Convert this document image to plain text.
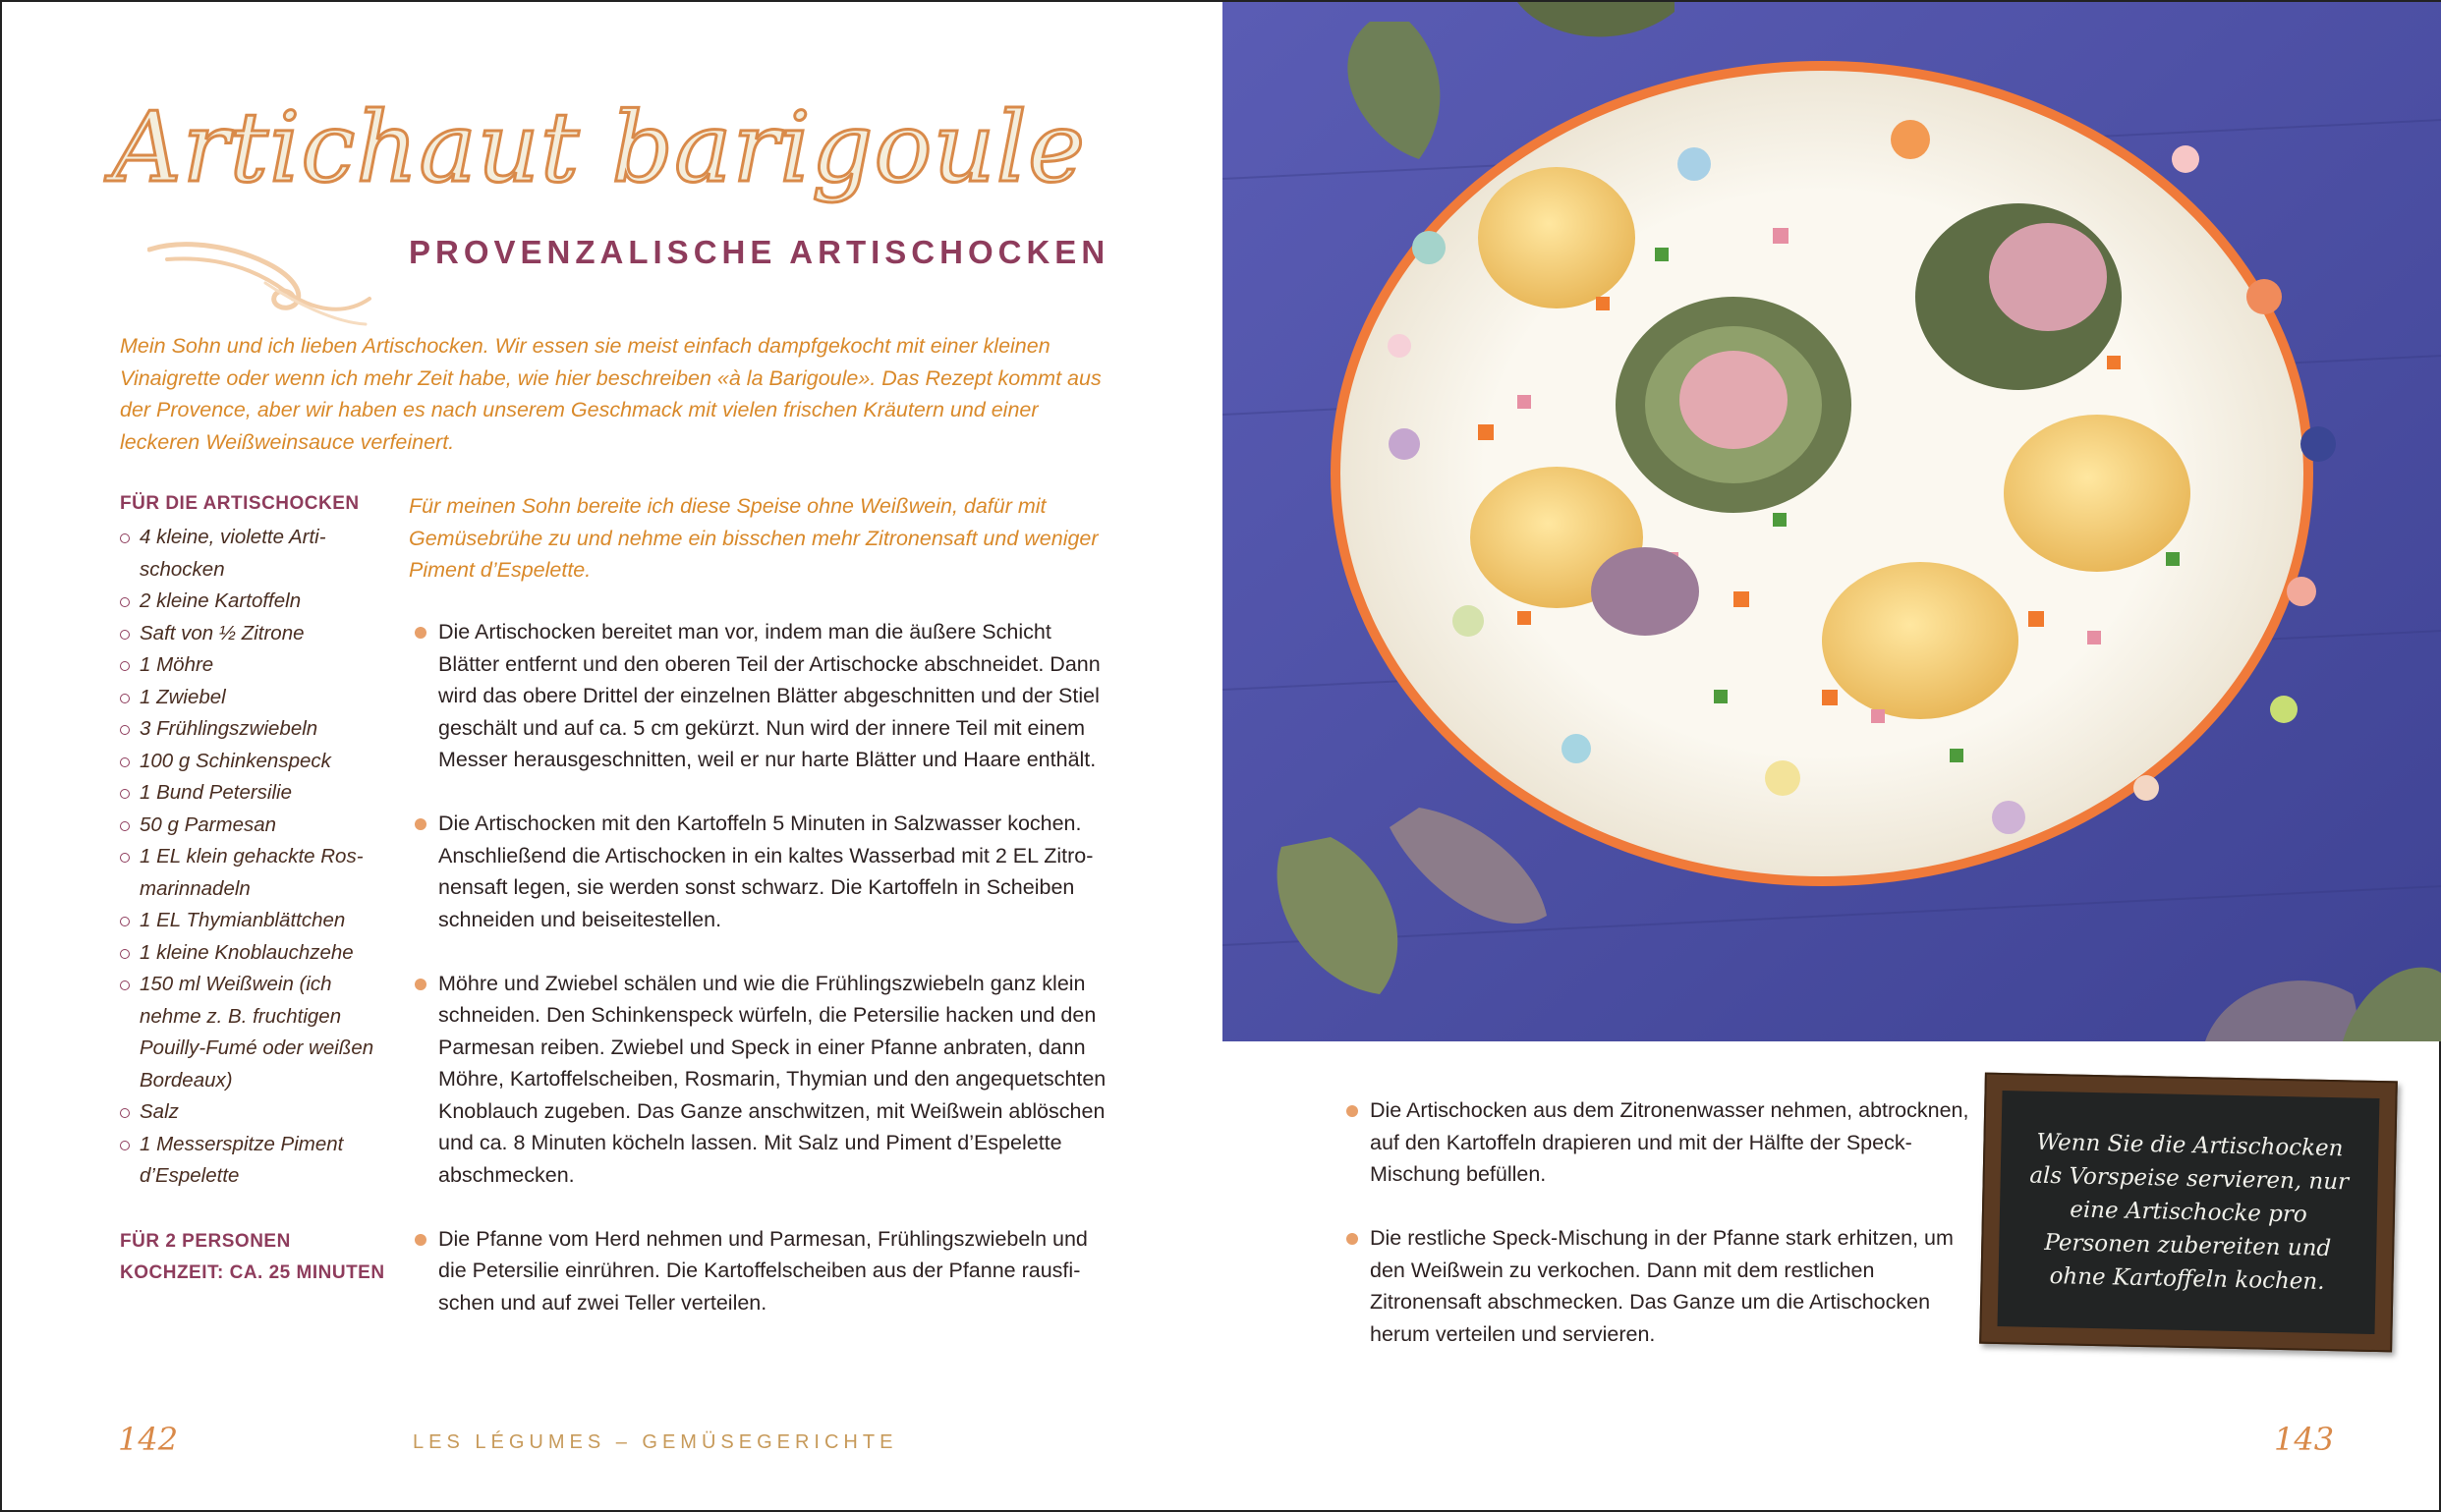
Artichaut barigoule
PROVENZALISCHE ARTISCHOCKEN
Mein Sohn und ich lieben Artischocken. Wir essen sie meist einfach dampfgekocht mit einer kleinen Vinaigrette oder wenn ich mehr Zeit habe, wie hier beschreiben «à la Barigoule». Das Rezept kommt aus der Provence, aber wir haben es nach unserem Geschmack mit vielen frischen Kräutern und einer leckeren Weißweinsauce verfeinert.
FÜR DIE ARTISCHOCKEN
4 kleine, violette Artischocken
2 kleine Kartoffeln
Saft von ½ Zitrone
1 Möhre
1 Zwiebel
3 Frühlingszwiebeln
100 g Schinkenspeck
1 Bund Petersilie
50 g Parmesan
1 EL klein gehackte Rosmarinnadeln
1 EL Thymianblättchen
1 kleine Knoblauchzehe
150 ml Weißwein (ich nehme z. B. fruchtigen Pouilly-Fumé oder weißen Bordeaux)
Salz
1 Messerspitze Piment d’Espelette
FÜR 2 PERSONEN
KOCHZEIT: CA. 25 MINUTEN
Für meinen Sohn bereite ich diese Speise ohne Weißwein, dafür mit Gemüsebrühe zu und nehme ein bisschen mehr Zitronensaft und weniger Piment d’Espelette.
Die Artischocken bereitet man vor, indem man die äußere Schicht Blätter entfernt und den oberen Teil der Artischocke abschneidet. Dann wird das obere Drittel der einzelnen Blätter abgeschnitten und der Stiel geschält und auf ca. 5 cm gekürzt. Nun wird der innere Teil mit einem Messer herausgeschnitten, weil er nur harte Blätter und Haare enthält.
Die Artischocken mit den Kartoffeln 5 Minuten in Salzwasser kochen. Anschließend die Artischocken in ein kaltes Wasserbad mit 2 EL Zitronensaft legen, sie werden sonst schwarz. Die Kartoffeln in Scheiben schneiden und beiseitestellen.
Möhre und Zwiebel schälen und wie die Frühlingszwiebeln ganz klein schneiden. Den Schinkenspeck würfeln, die Petersilie hacken und den Parmesan reiben. Zwiebel und Speck in einer Pfanne anbraten, dann Möhre, Kartoffelscheiben, Rosmarin, Thymian und den angequetschten Knoblauch zugeben. Das Ganze anschwitzen, mit Weißwein ablöschen und ca. 8 Minuten köcheln lassen. Mit Salz und Piment d’Espelette abschmecken.
Die Pfanne vom Herd nehmen und Parmesan, Frühlingszwiebeln und die Petersilie einrühren. Die Kartoffelscheiben aus der Pfanne rausfischen und auf zwei Teller verteilen.
142	LES LÉGUMES – GEMÜSEGERICHTE
Die Artischocken aus dem Zitronenwasser nehmen, abtrocknen, auf den Kartoffeln drapieren und mit der Hälfte der Speck-Mischung befüllen.
Die restliche Speck-Mischung in der Pfanne stark erhitzen, um den Weißwein zu verkochen. Dann mit dem restlichen Zitronensaft abschmecken. Das Ganze um die Artischocken herum verteilen und servieren.
Wenn Sie die Artischocken als Vorspeise servieren, nur eine Artischocke pro Personen zubereiten und ohne Kartoffeln kochen.
143
